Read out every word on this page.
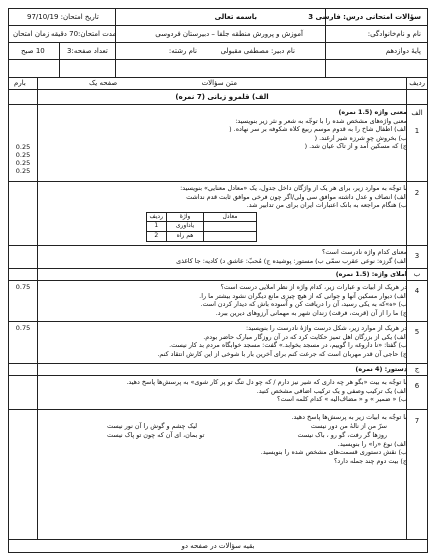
سؤالات امتحانی درس: فارسی 3
باسمه تعالی
تاریخ امتحان: 97/10/19
نام و نام‌خانوادگی:
آموزش و پرورش منطقه جلفا – دبیرستان فردوسی
مدت امتحان:70 دقیقه
زمان امتحان
پایهٔ دوازدهم
نام رشته:	نام دبیر: مصطفی مقبولی
تعداد صفحه:3
10 صبح
ردیف
متن سؤالات
صفحه یک
بارم
الف) قلمرو زبانی (7 نمره)
الف
معنی واژه (1.5 نمره)
معنی واژه‌های مشخص شده را با توجّه به شعر و نثر زیر بنویسید:
الف) اطفال شاخ را به قدوم موسم ربیع کلاه شکوفه بر سر نهاده. (
ب) بخروش چو شرزه شیر ارغند. (
ج) که مسکین آمد و از تاک عیان شد. (
1
0.25
0.25
0.25
0.25
با توجّه به موارد زیر، برای هر یک از واژگان داخل جدول، یک «معادل معنایی» بنویسید:
الف) انصاف و عدل داشته موافق سی ولی/اگر چون فرخی موافق ثابت قدم نداشت
ب) هنگام مراجعه به بانک اعتبارات ایران برای من تدابیر شد.
معادل	واژهٔ	ردیف
	یادآوری	1
	هم راه	2
2
معنای کدام واژه نادرست است؟
الف) گرزه: نوعی عقرب سمّی ب) مستور: پوشیده ج) مُحبّ: عاشق د) کادیه: جا کاغذی
3
املای واژه: (1.5 نمره) ب
در هریک از ابیات و عبارات زیر، کدام واژه از نظر املایی درست است؟
الف) دیوار مسکین آنها و جوانی که از هیچ چیزی مانع دیگران نشود بیشتر ما را.
ب) «ه»که به یکی رسید، آن را دریافت کن و آسوده باش که دیدار کردن است.
ج) ما را از آن (قربت، فرقت) زندان شهر به مهمانی آرزوهای دیرین ببرد.
4
0.75
در هریک از موارد زیر، شکل درست واژهٔ نادرست را بنویسید:
الف) یکی از بزرگان اهل تمیز حکایت کرد که در آن روزگار مبارک حاضر بودم.
ب) گفتا: «نا داروغه را گوییم، در مسجد بخوابد.» گفت: مسجد خوابگاه مردم بد کار نیست.
ج) حاجی آن قدر مهربان است که جرعت کنم برای آخرین بار با شوخی از این کارش انتقاد کنم.
5
0.75
دستور: (4 نمره)	ج
با توجّه به بیت «بگو هر چه داری که شیر نیز دارم / که چو دل تنگ تو پر کار شوی» به پرسش‌ها پاسخ دهید.
الف) یک ترکیب وصفی و یک ترکیب اضافی مشخص کنید.
ب) « ضمیر » و « مضاف‌الیه » کدام کلمه است؟
6
با توجّه به ابیات زیر به پرسش‌ها پاسخ دهید.
سرّ من از نالهٔ من دور نیست
لیک چشم و گوش را آن نور نیست
روزها گر رفت، گو رو ، باک نیست
تو بمان، ای آن که چون تو پاک نیست
الف) نوع «را» را بنویسید.
ب) نقش دستوری قسمت‌های مشخص شده را بنویسید.
ج) بیت دوم چند جمله دارد؟
7
بقیه سؤالات در صفحه دو
